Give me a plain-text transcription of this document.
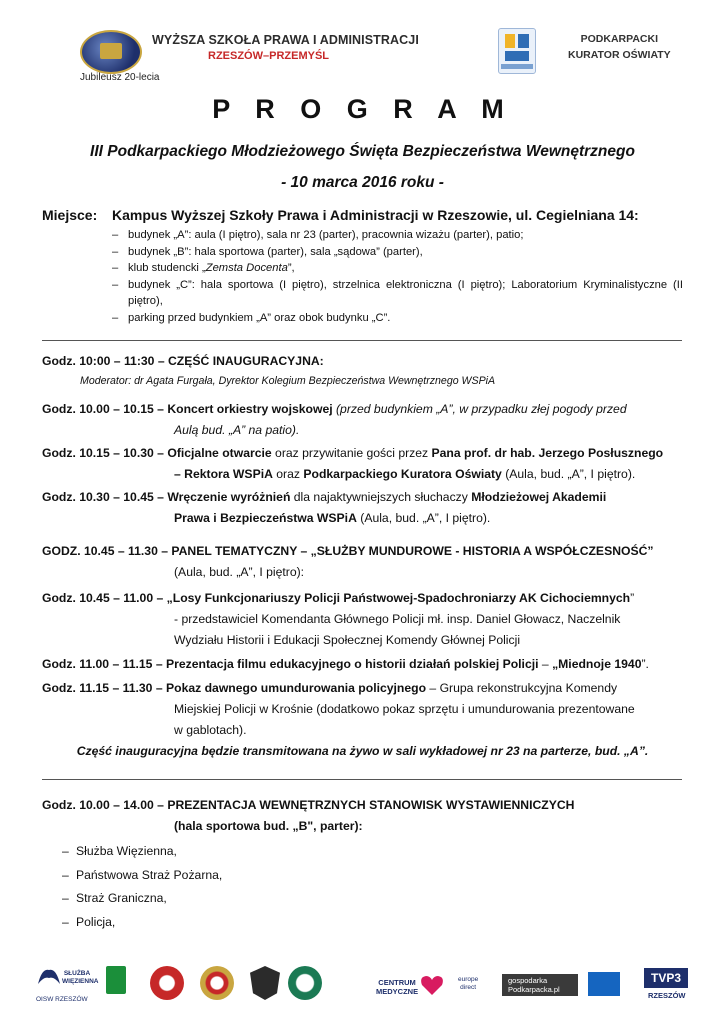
WYŻSZA SZKOŁA PRAWA I ADMINISTRACJI
RZESZÓW–PRZEMYŚL
Jubileusz 20-lecia
PODKARPACKI
KURATOR OŚWIATY
P R O G R A M
III Podkarpackiego Młodzieżowego Święta Bezpieczeństwa Wewnętrznego
- 10 marca 2016 roku -
Miejsce: Kampus Wyższej Szkoły Prawa i Administracji w Rzeszowie, ul. Cegielniana 14:
– budynek „A”: aula (I piętro), sala nr 23 (parter), pracownia wizażu (parter), patio;
– budynek „B”: hala sportowa (parter), sala „sądowa” (parter),
– klub studencki „Zemsta Docenta”,
– budynek „C”: hala sportowa (I piętro), strzelnica elektroniczna (I piętro); Laboratorium Kryminalistyczne (II piętro),
– parking przed budynkiem „A” oraz obok budynku „C”.
Godz. 10:00 – 11:30 – CZĘŚĆ INAUGURACYJNA:
Moderator: dr Agata Furgała, Dyrektor Kolegium Bezpieczeństwa Wewnętrznego WSPiA
Godz. 10.00 – 10.15 – Koncert orkiestry wojskowej (przed budynkiem „A”, w przypadku złej pogody przed
Aulą bud. „A” na patio).
Godz. 10.15 – 10.30 – Oficjalne otwarcie oraz przywitanie gości przez Pana prof. dr hab. Jerzego Posłusznego
– Rektora WSPiA oraz Podkarpackiego Kuratora Oświaty (Aula, bud. „A”, I piętro).
Godz. 10.30 – 10.45 – Wręczenie wyróżnień dla najaktywniejszych słuchaczy Młodzieżowej Akademii
Prawa i Bezpieczeństwa WSPiA (Aula, bud. „A”, I piętro).
GODZ. 10.45 – 11.30 – PANEL TEMATYCZNY – „SŁUŻBY MUNDUROWE - HISTORIA A WSPÓŁCZESNOŚĆ”
(Aula, bud. „A”, I piętro):
Godz. 10.45 – 11.00 – „Losy Funkcjonariuszy Policji Państwowej-Spadochroniarzy AK Cichociemnych”
- przedstawiciel Komendanta Głównego Policji mł. insp. Daniel Głowacz, Naczelnik
Wydziału Historii i Edukacji Społecznej Komendy Głównej Policji
Godz. 11.00 – 11.15 – Prezentacja filmu edukacyjnego o historii działań polskiej Policji – „Miednoje 1940”.
Godz. 11.15 – 11.30 – Pokaz dawnego umundurowania policyjnego – Grupa rekonstrukcyjna Komendy
Miejskiej Policji w Krośnie (dodatkowo pokaz sprzętu i umundurowania prezentowane
w gablotach).
Część inauguracyjna będzie transmitowana na żywo w sali wykładowej nr 23 na parterze, bud. „A”.
Godz. 10.00 – 14.00 – PREZENTACJA WEWNĘTRZNYCH STANOWISK WYSTAWIENNICZYCH
(hala sportowa bud. „B", parter):
– Służba Więzienna,
– Państwowa Straż Pożarna,
– Straż Graniczna,
– Policja,
SŁUŻBA WIĘZIENNA
OISW RZESZÓW
CENTRUM
MEDYCZNE
europe
direct
gospodarka
Podkarpacka.pl
TVP3
RZESZÓW
